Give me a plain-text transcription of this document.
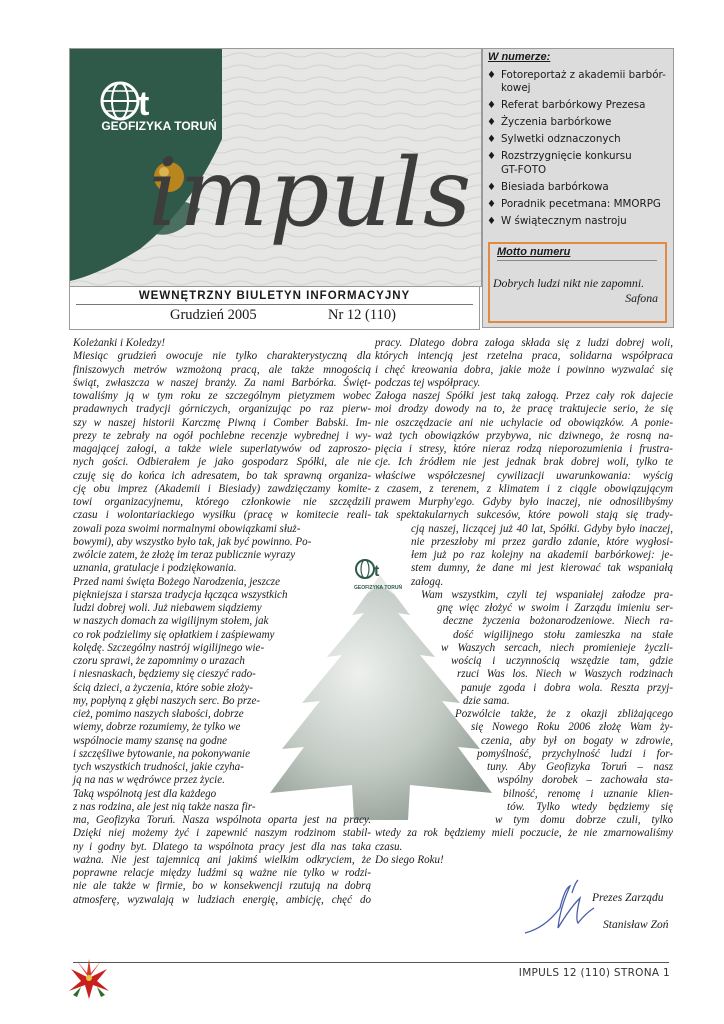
t
GEOFIZYKA TORUŃ
impuls
WEWNĘTRZNY BIULETYN INFORMACYJNY
Grudzień 2005	Nr 12 (110)
W numerze:
♦ Fotoreportaż z akademii barbór-
kowej
♦ Referat barbórkowy Prezesa
♦ Życzenia barbórkowe
♦ Sylwetki odznaczonych
♦ Rozstrzygnięcie konkursu
GT-FOTO
♦ Biesiada barbórkowa
♦ Poradnik pecetmana: MMORPG
♦ W świątecznym nastroju
Motto numeru
Dobrych ludzi nikt nie zapomni.
Safona
t
GEOFIZYKA TORUŃ
Koleżanki i Koledzy!
Miesiąc grudzień owocuje nie tylko charakterystyczną dla
finiszowych metrów wzmożoną pracą, ale także mnogością
świąt, zwłaszcza w naszej branży. Za nami Barbórka. Święt-
towaliśmy ją w tym roku ze szczególnym pietyzmem wobec
pradawnych tradycji górniczych, organizując po raz pierw-
szy w naszej historii Karczmę Piwną i Comber Babski. Im-
prezy te zebrały na ogół pochlebne recenzje wybrednej i wy-
magającej załogi, a także wiele superlatywów od zaproszo-
nych gości. Odbierałem je jako gospodarz Spółki, ale nie
czuję się do końca ich adresatem, bo tak sprawną organiza-
cję obu imprez (Akademii i Biesiady) zawdzięczamy komite-
towi organizacyjnemu, którego członkowie nie szczędzili
czasu i wolontariackiego wysiłku (pracę w komitecie reali-
zowali poza swoimi normalnymi obowiązkami służ-
bowymi), aby wszystko było tak, jak być powinno. Po-
zwólcie zatem, że złożę im teraz publicznie wyrazy
uznania, gratulacje i podziękowania.
Przed nami święta Bożego Narodzenia, jeszcze
piękniejsza i starsza tradycja łącząca wszystkich
ludzi dobrej woli. Już niebawem siądziemy
w naszych domach za wigilijnym stołem, jak
co rok podzielimy się opłatkiem i zaśpiewamy
kolędę. Szczególny nastrój wigilijnego wie-
czoru sprawi, że zapomnimy o urazach
i niesnaskach, będziemy się cieszyć rado-
ścią dzieci, a życzenia, które sobie złoży-
my, popłyną z głębi naszych serc. Bo prze-
cież, pomimo naszych słabości, dobrze
wiemy, dobrze rozumiemy, że tylko we
wspólnocie mamy szansę na godne
i szczęśliwe bytowanie, na pokonywanie
tych wszystkich trudności, jakie czyha-
ją na nas w wędrówce przez życie.
Taką wspólnotą jest dla każdego
z nas rodzina, ale jest nią także nasza fir-
ma, Geofizyka Toruń. Nasza wspólnota oparta jest na pracy.
Dzięki niej możemy żyć i zapewnić naszym rodzinom stabil-
ny i godny byt. Dlatego ta wspólnota pracy jest dla nas taka
ważna. Nie jest tajemnicą ani jakimś wielkim odkryciem, że
poprawne relacje między ludźmi są ważne nie tylko w rodzi-
nie ale także w firmie, bo w konsekwencji rzutują na dobrą
atmosferę, wyzwalają w ludziach energię, ambicję, chęć do
pracy. Dlatego dobra załoga składa się z ludzi dobrej woli,
których intencją jest rzetelna praca, solidarna współpraca
i chęć kreowania dobra, jakie może i powinno wyzwalać się
podczas tej współpracy.
Załoga naszej Spółki jest taką załogą. Przez cały rok dajecie
moi drodzy dowody na to, że pracę traktujecie serio, że się
nie oszczędzacie ani nie uchylacie od obowiązków. A ponie-
waż tych obowiązków przybywa, nic dziwnego, że rosną na-
pięcia i stresy, które nieraz rodzą nieporozumienia i frustra-
cje. Ich źródłem nie jest jednak brak dobrej woli, tylko te
właściwe współczesnej cywilizacji uwarunkowania: wyścig
z czasem, z terenem, z klimatem i z ciągle obowiązującym
prawem Murphy'ego. Gdyby było inaczej, nie odnosilibyśmy
tak spektakularnych sukcesów, które powoli stają się trady-
cją naszej, liczącej już 40 lat, Spółki. Gdyby było inaczej,
nie przeszłoby mi przez gardło zdanie, które wygłosi-
łem już po raz kolejny na akademii barbórkowej: je-
stem dumny, że dane mi jest kierować tak wspaniałą
załogą.
Wam wszystkim, czyli tej wspaniałej załodze pra-
gnę więc złożyć w swoim i Zarządu imieniu ser-
deczne życzenia bożonarodzeniowe. Niech ra-
dość wigilijnego stołu zamieszka na stałe
w Waszych sercach, niech promienieje życzli-
wością i uczynnością wszędzie tam, gdzie
rzuci Was los. Niech w Waszych rodzinach
panuje zgoda i dobra wola. Reszta przyj-
dzie sama.
Pozwólcie także, że z okazji zbliżającego
się Nowego Roku 2006 złożę Wam ży-
czenia, aby był on bogaty w zdrowie,
pomyślność, przychylność ludzi i for-
tuny. Aby Geofizyka Toruń – nasz
wspólny dorobek – zachowała sta-
bilność, renomę i uznanie klien-
tów. Tylko wtedy będziemy się
w tym domu dobrze czuli, tylko
wtedy za rok będziemy mieli poczucie, że nie zmarnowaliśmy
czasu.
Do siego Roku!
Prezes Zarządu
Stanisław Zoń
IMPULS 12 (110) STRONA 1
